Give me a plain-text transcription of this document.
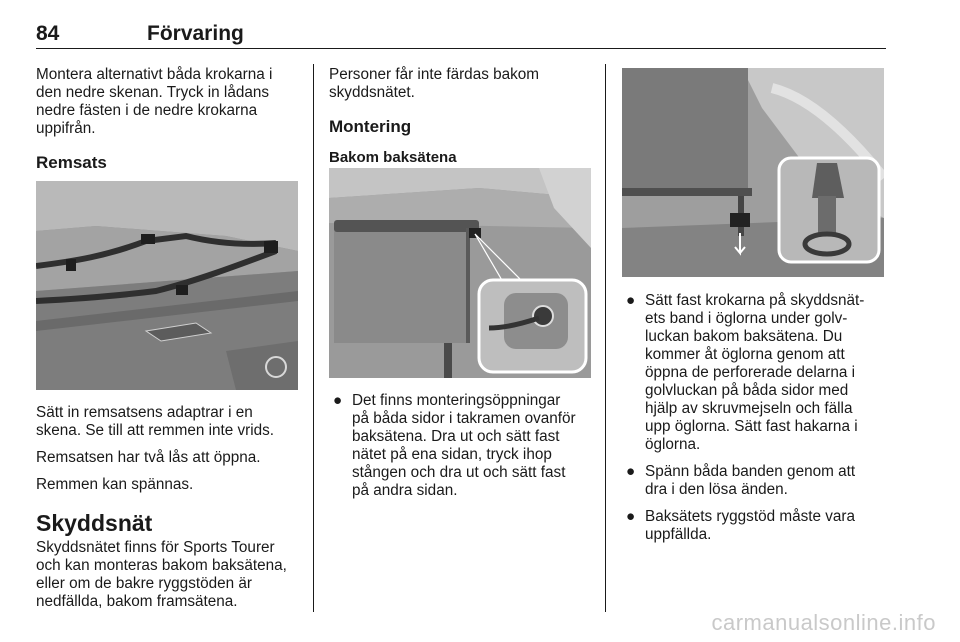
84	Förvaring

Montera alternativt båda krokarna i

den nedre skenan. Tryck in lådans

nedre fästen i de nedre krokarna

uppifrån.

Remsats

Sätt in remsatsens adaptrar i en

skena. Se till att remmen inte vrids.

Remsatsen har två lås att öppna.

Remmen kan spännas.

Skyddsnät

Skyddsnätet finns för Sports Tourer

och kan monteras bakom baksätena,

eller om de bakre ryggstöden är

nedfällda, bakom framsätena.

Personer får inte färdas bakom

skyddsnätet.

Montering

Bakom baksätena

● Det finns monteringsöppningar

på båda sidor i takramen ovanför

baksätena. Dra ut och sätt fast

nätet på ena sidan, tryck ihop

stången och dra ut och sätt fast

på andra sidan.

● Sätt fast krokarna på skyddsnät-

ets band i öglorna under golv-

luckan bakom baksätena. Du

kommer åt öglorna genom att

öppna de perforerade delarna i

golvluckan på båda sidor med

hjälp av skruvmejseln och fälla

upp öglorna. Sätt fast hakarna i

öglorna.

● Spänn båda banden genom att

dra i den lösa änden.

● Baksätets ryggstöd måste vara

uppfällda.

carmanualsonline.info
